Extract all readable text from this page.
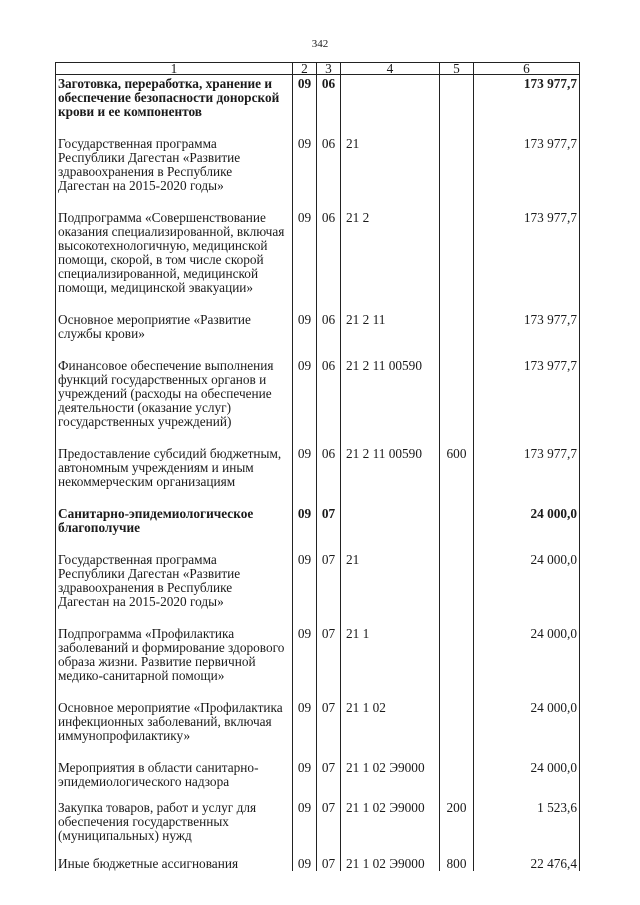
342
1	2	3	4	5	6
Заготовка, переработка, хранение и обеспечение безопасности донорской крови и ее компонентов	09	06			173 977,7
Государственная программа Республики Дагестан «Развитие здравоохранения в Республике Дагестан на 2015-2020 годы»	09	06	21		173 977,7
Подпрограмма «Совершенствование оказания специализированной, включая высокотехнологичную, медицинской помощи, скорой, в том числе скорой специализированной, медицинской помощи, медицинской эвакуации»	09	06	21 2		173 977,7
Основное мероприятие «Развитие службы крови»	09	06	21 2 11		173 977,7
Финансовое обеспечение выполнения функций государственных органов и учреждений (расходы на обеспечение деятельности (оказание услуг) государственных учреждений)	09	06	21 2 11 00590		173 977,7
Предоставление субсидий бюджетным, автономным учреждениям и иным некоммерческим организациям	09	06	21 2 11 00590	600	173 977,7
Санитарно-эпидемиологическое благополучие	09	07			24 000,0
Государственная программа Республики Дагестан «Развитие здравоохранения в Республике Дагестан на 2015-2020 годы»	09	07	21		24 000,0
Подпрограмма «Профилактика заболеваний и формирование здорового образа жизни. Развитие первичной медико-санитарной помощи»	09	07	21 1		24 000,0
Основное мероприятие «Профилактика инфекционных заболеваний, включая иммунопрофилактику»	09	07	21 1 02		24 000,0
Мероприятия в области санитарно-эпидемиологического надзора	09	07	21 1 02 Э9000		24 000,0
Закупка товаров, работ и услуг для обеспечения государственных (муниципальных) нужд	09	07	21 1 02 Э9000	200	1 523,6
Иные бюджетные ассигнования	09	07	21 1 02 Э9000	800	22 476,4
